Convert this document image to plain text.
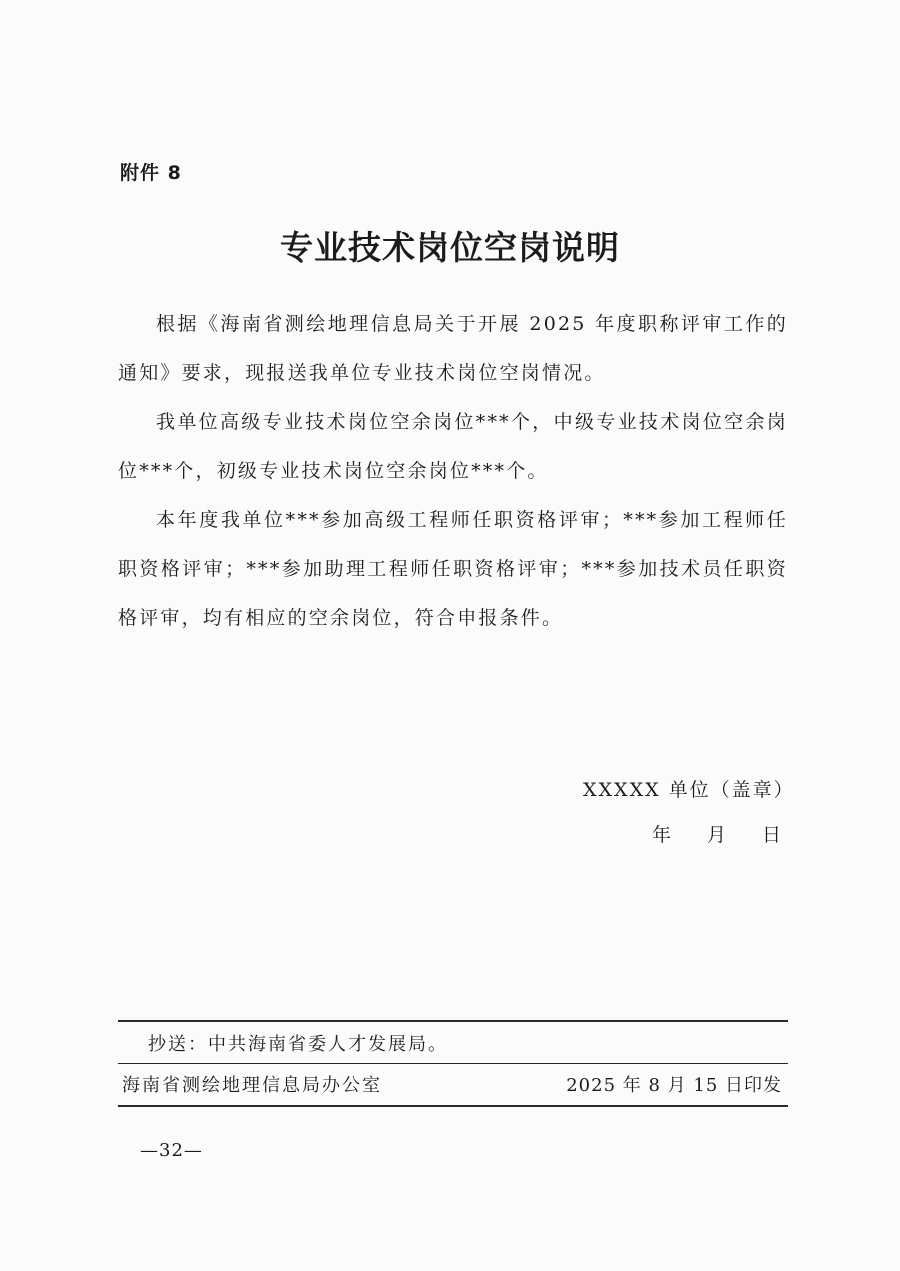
附件 8
专业技术岗位空岗说明

根据《海南省测绘地理信息局关于开展 2025 年度职称评审工作的通知》要求，现报送我单位专业技术岗位空岗情况。

我单位高级专业技术岗位空余岗位***个，中级专业技术岗位空余岗位***个，初级专业技术岗位空余岗位***个。

本年度我单位***参加高级工程师任职资格评审；***参加工程师任职资格评审；***参加助理工程师任职资格评审；***参加技术员任职资格评审，均有相应的空余岗位，符合申报条件。

XXXXX 单位（盖章）
年 月 日
抄送：中共海南省委人才发展局。
海南省测绘地理信息局办公室	2025 年 8 月 15 日印发
—32—
